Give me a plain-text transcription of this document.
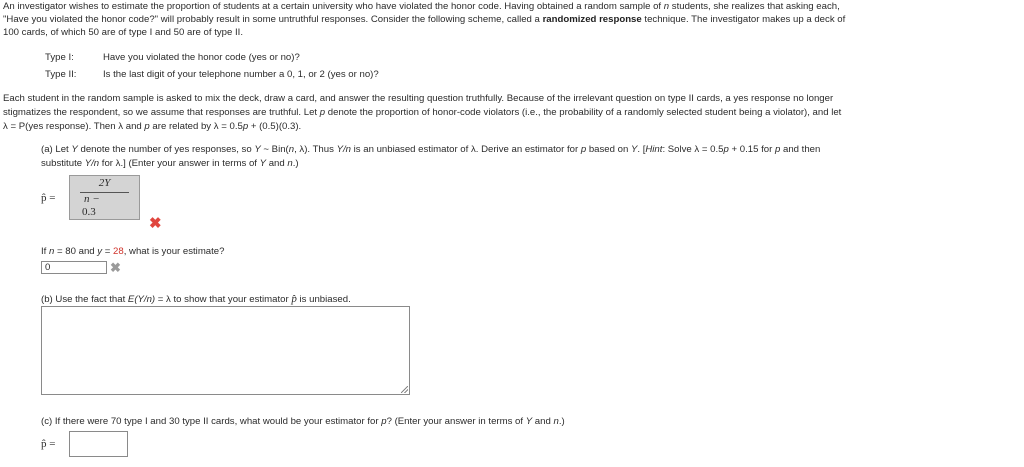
An investigator wishes to estimate the proportion of students at a certain university who have violated the honor code. Having obtained a random sample of n students, she realizes that asking each,
"Have you violated the honor code?" will probably result in some untruthful responses. Consider the following scheme, called a randomized response technique. The investigator makes up a deck of
100 cards, of which 50 are of type I and 50 are of type II.
Type I:	Have you violated the honor code (yes or no)?
Type II:	Is the last digit of your telephone number a 0, 1, or 2 (yes or no)?
Each student in the random sample is asked to mix the deck, draw a card, and answer the resulting question truthfully. Because of the irrelevant question on type II cards, a yes response no longer
stigmatizes the respondent, so we assume that responses are truthful. Let p denote the proportion of honor-code violators (i.e., the probability of a randomly selected student being a violator), and let
λ = P(yes response). Then λ and p are related by λ = 0.5p + (0.5)(0.3).
(a) Let Y denote the number of yes responses, so Y ~ Bin(n, λ). Thus Y/n is an unbiased estimator of λ. Derive an estimator for p based on Y. [Hint: Solve λ = 0.5p + 0.15 for p and then
substitute Y/n for λ.] (Enter your answer in terms of Y and n.)
p̂ =
2Y
n −
0.3
✖
If n = 80 and y = 28, what is your estimate?
0	✖
(b) Use the fact that E(Y/n) = λ to show that your estimator p̂ is unbiased.
(c) If there were 70 type I and 30 type II cards, what would be your estimator for p? (Enter your answer in terms of Y and n.)
p̂ =
